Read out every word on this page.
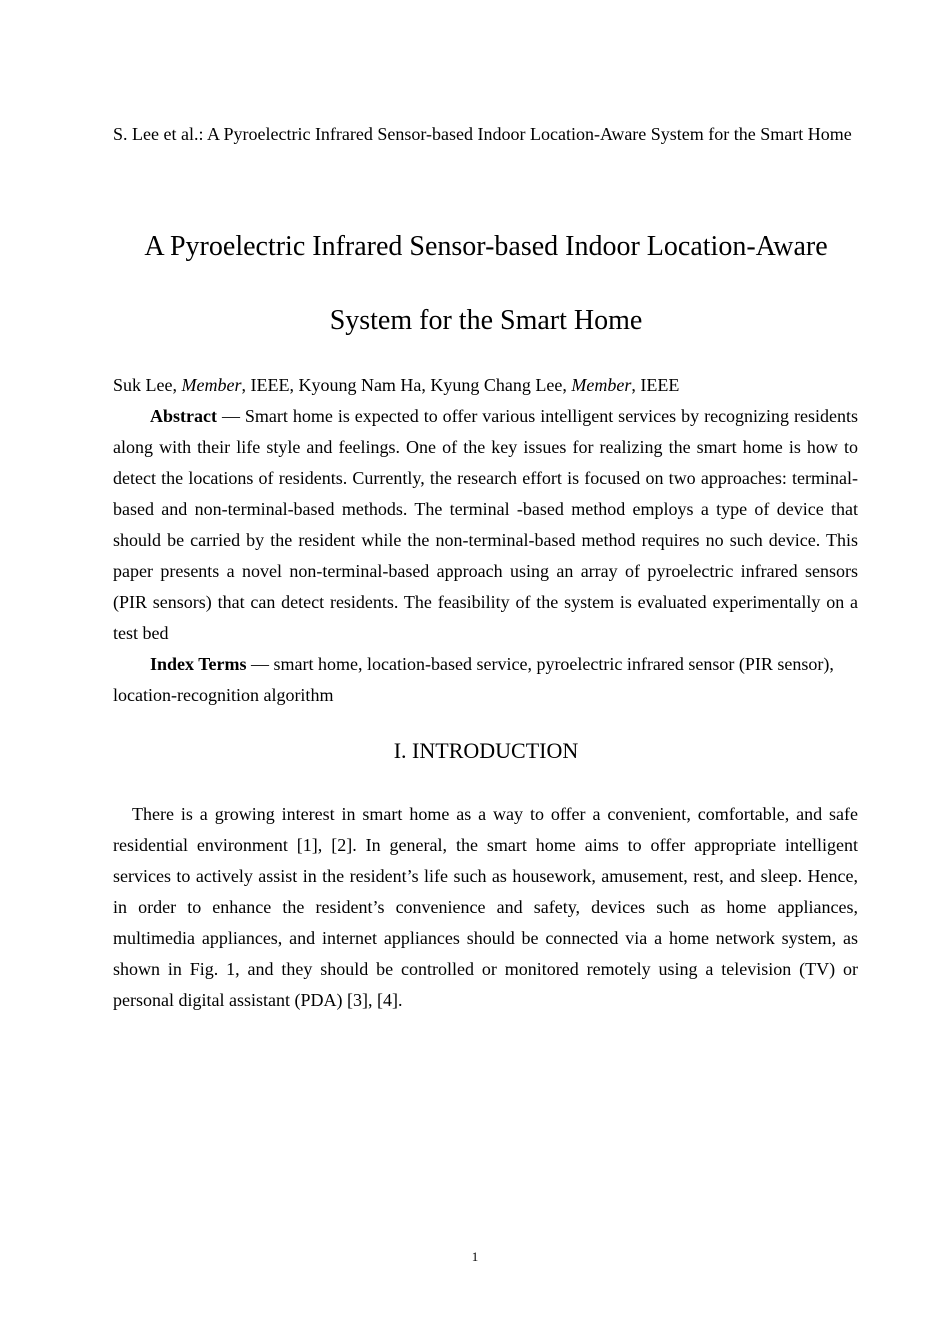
S. Lee et al.: A Pyroelectric Infrared Sensor-based Indoor Location-Aware System for the Smart Home
A Pyroelectric Infrared Sensor-based Indoor Location-Aware
System for the Smart Home
Suk Lee, Member, IEEE, Kyoung Nam Ha, Kyung Chang Lee, Member, IEEE

Abstract — Smart home is expected to offer various intelligent services by recognizing residents along with their life style and feelings. One of the key issues for realizing the smart home is how to detect the locations of residents. Currently, the research effort is focused on two approaches: terminal-based and non-terminal-based methods. The terminal -based method employs a type of device that should be carried by the resident while the non-terminal-based method requires no such device. This paper presents a novel non-terminal-based approach using an array of pyroelectric infrared sensors (PIR sensors) that can detect residents. The feasibility of the system is evaluated experimentally on a test bed

Index Terms — smart home, location-based service, pyroelectric infrared sensor (PIR sensor), location-recognition algorithm

I. INTRODUCTION

There is a growing interest in smart home as a way to offer a convenient, comfortable, and safe residential environment [1], [2]. In general, the smart home aims to offer appropriate intelligent services to actively assist in the resident’s life such as housework, amusement, rest, and sleep. Hence, in order to enhance the resident’s convenience and safety, devices such as home appliances, multimedia appliances, and internet appliances should be connected via a home network system, as shown in Fig. 1, and they should be controlled or monitored remotely using a television (TV) or personal digital assistant (PDA) [3], [4].

1
